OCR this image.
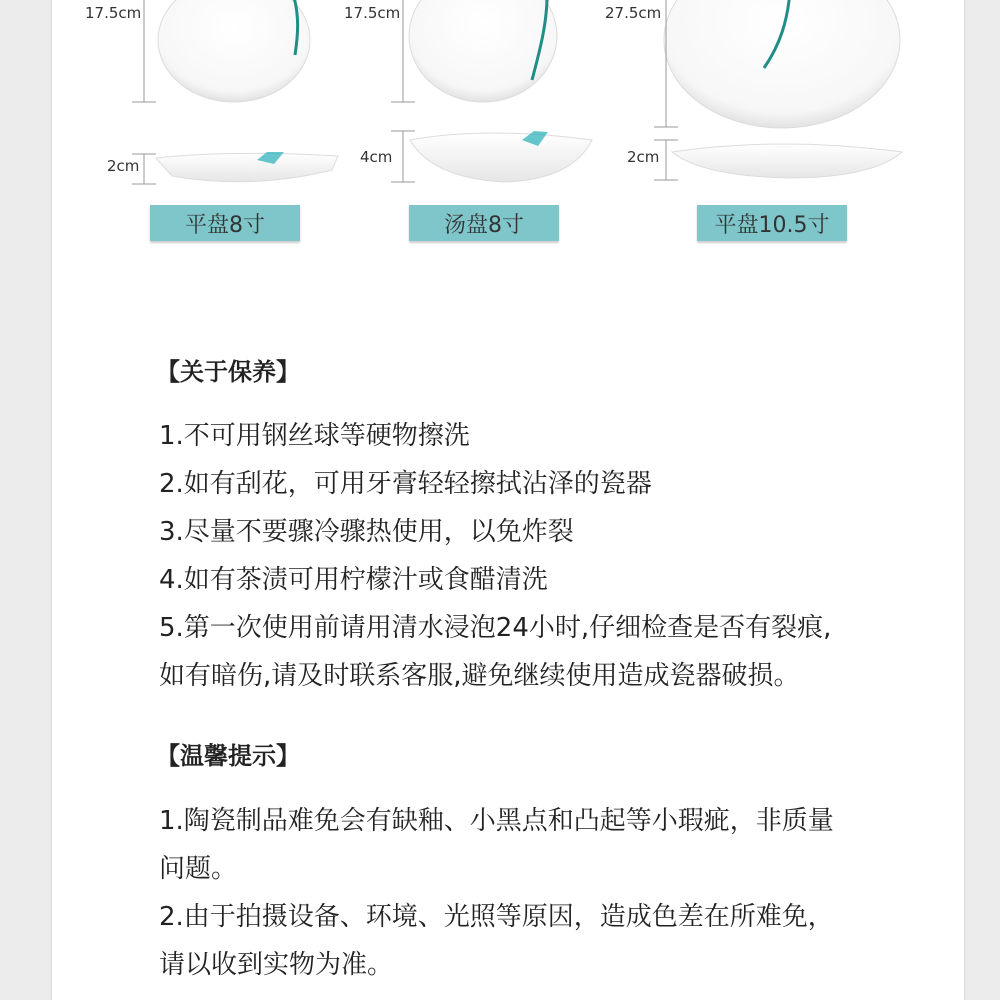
17.5cm
2cm
17.5cm
4cm
27.5cm
2cm
平盘8寸	汤盘8寸	平盘10.5寸
【关于保养】
1.不可用钢丝球等硬物擦洗
2.如有刮花，可用牙膏轻轻擦拭沾泽的瓷器
3.尽量不要骤冷骤热使用，以免炸裂
4.如有茶渍可用柠檬汁或食醋清洗
5.第一次使用前请用清水浸泡24小时,仔细检查是否有裂痕,
如有暗伤,请及时联系客服,避免继续使用造成瓷器破损。
【温馨提示】
1.陶瓷制品难免会有缺釉、小黑点和凸起等小瑕疵，非质量
问题。
2.由于拍摄设备、环境、光照等原因，造成色差在所难免，
请以收到实物为准。
